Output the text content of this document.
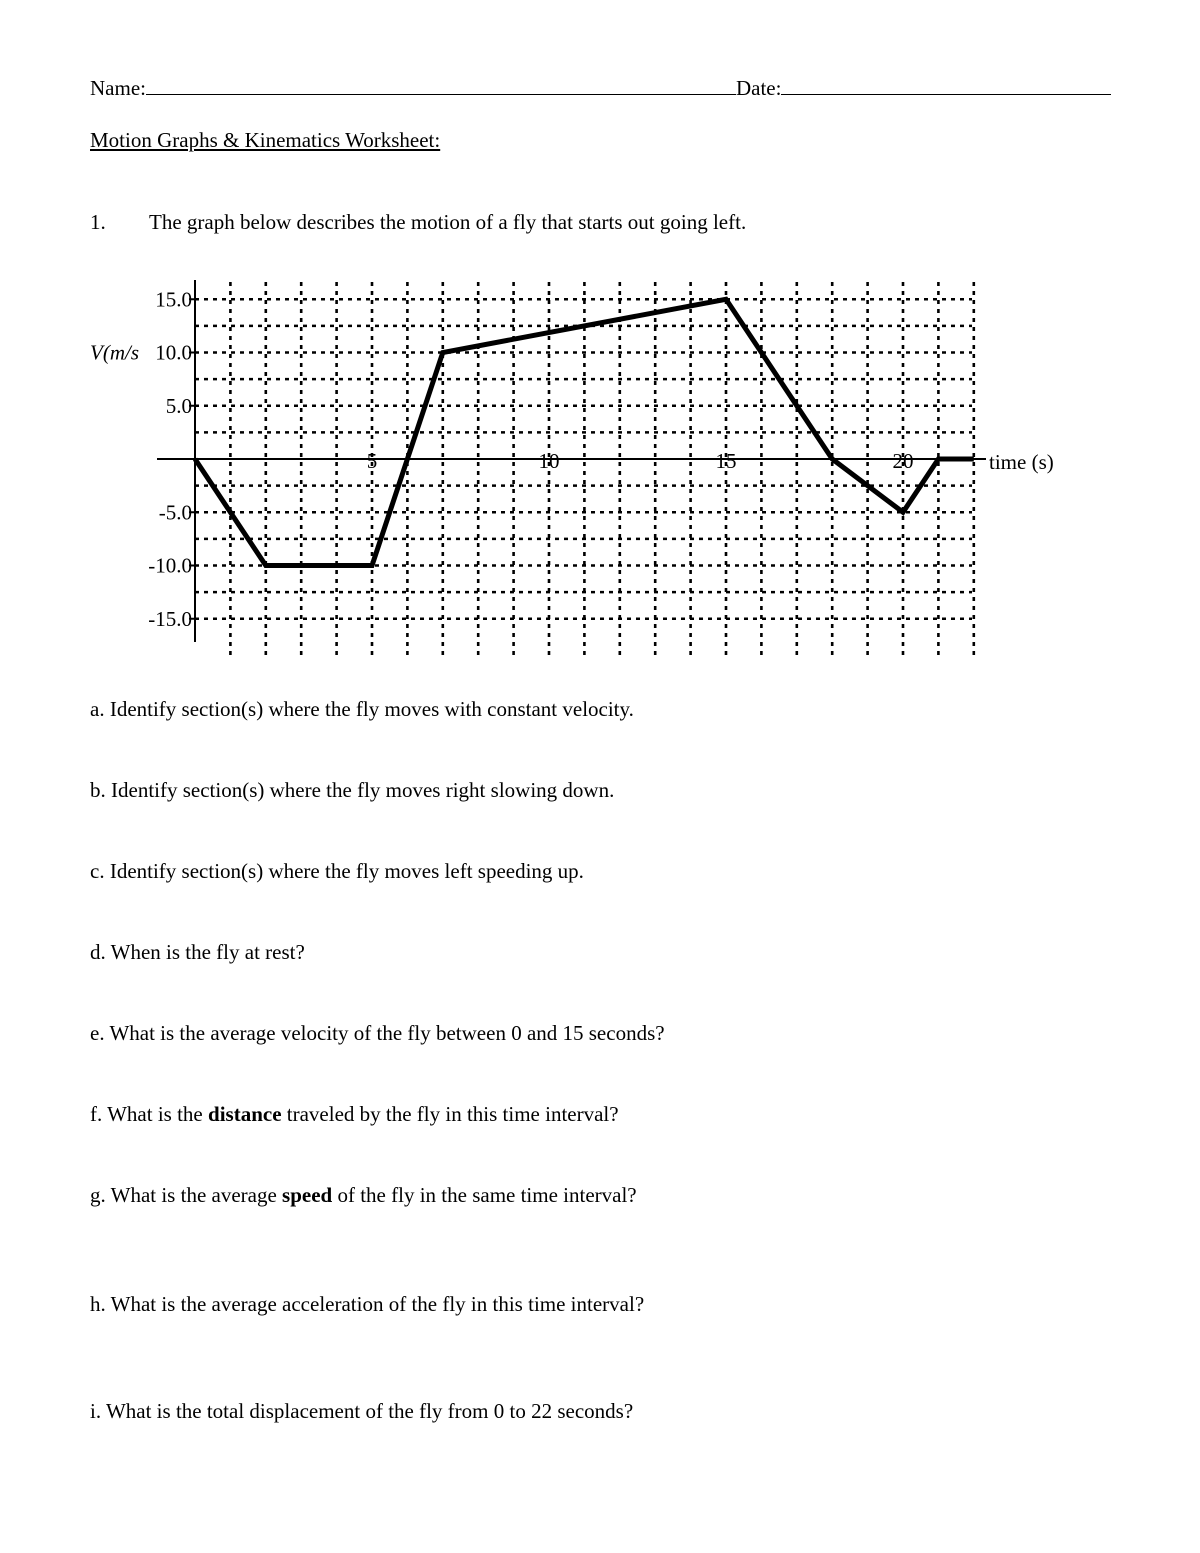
Name:	Date:
Motion Graphs & Kinematics Worksheet:
1. The graph below describes the motion of a fly that starts out going left.
15.0
10.0
5.0
-5.0
-10.0
-15.0
V(m/s
5	10	15	20	time (s)
a. Identify section(s) where the fly moves with constant velocity.
b. Identify section(s) where the fly moves right slowing down.
c. Identify section(s) where the fly moves left speeding up.
d. When is the fly at rest?
e. What is the average velocity of the fly between 0 and 15 seconds?
f. What is the distance traveled by the fly in this time interval?
g. What is the average speed of the fly in the same time interval?
h. What is the average acceleration of the fly in this time interval?
i. What is the total displacement of the fly from 0 to 22 seconds?
